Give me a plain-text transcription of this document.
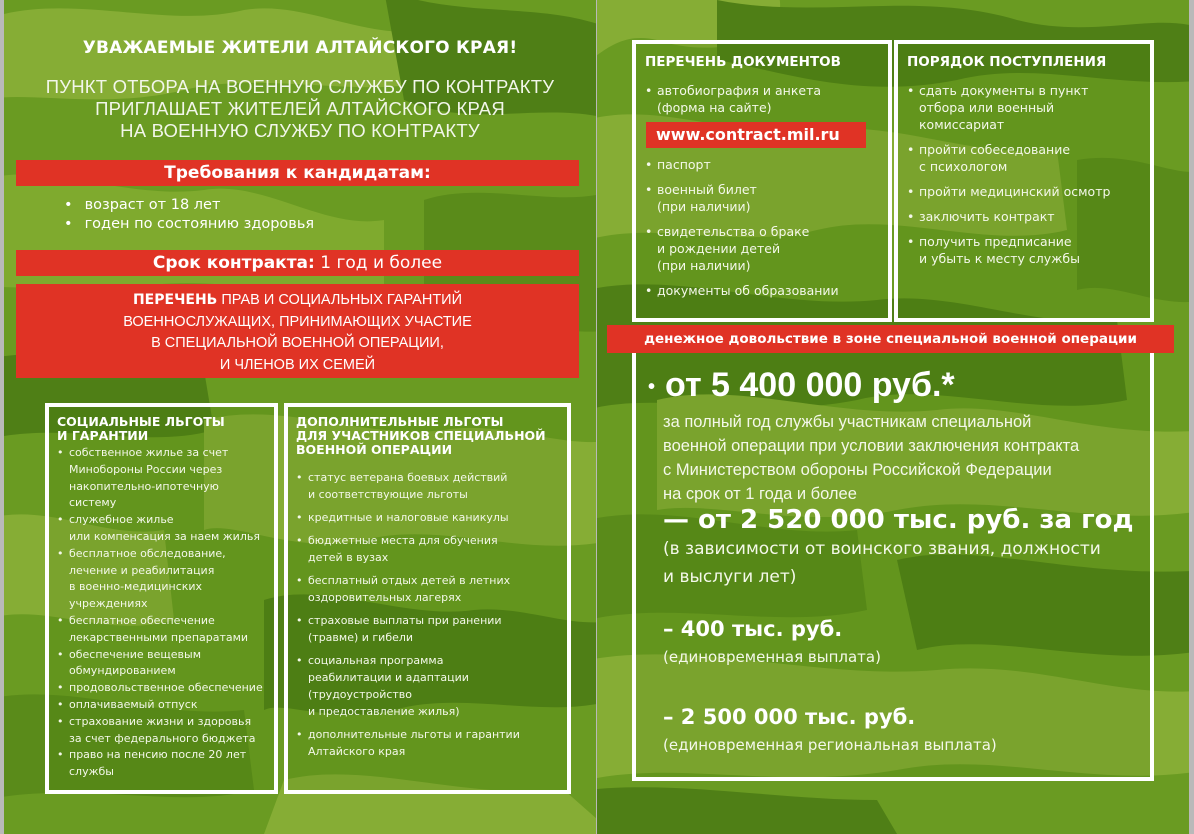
УВАЖАЕМЫЕ ЖИТЕЛИ АЛТАЙСКОГО КРАЯ!
ПУНКТ ОТБОРА НА ВОЕННУЮ СЛУЖБУ ПО КОНТРАКТУ
ПРИГЛАШАЕТ ЖИТЕЛЕЙ АЛТАЙСКОГО КРАЯ
НА ВОЕННУЮ СЛУЖБУ ПО КОНТРАКТУ
Требования к кандидатам:
• возраст от 18 лет
• годен по состоянию здоровья
Срок контракта: 1 год и более
ПЕРЕЧЕНЬ ПРАВ И СОЦИАЛЬНЫХ ГАРАНТИЙ
ВОЕННОСЛУЖАЩИХ, ПРИНИМАЮЩИХ УЧАСТИЕ
В СПЕЦИАЛЬНОЙ ВОЕННОЙ ОПЕРАЦИИ,
И ЧЛЕНОВ ИХ СЕМЕЙ
СОЦИАЛЬНЫЕ ЛЬГОТЫ
И ГАРАНТИИ
• собственное жилье за счет
Минобороны России через
накопительно-ипотечную
систему
• служебное жилье
или компенсация за наем жилья
• бесплатное обследование,
лечение и реабилитация
в военно-медицинских
учреждениях
• бесплатное обеспечение
лекарственными препаратами
• обеспечение вещевым
обмундированием
• продовольственное обеспечение
• оплачиваемый отпуск
• страхование жизни и здоровья
за счет федерального бюджета
• право на пенсию после 20 лет
службы
ДОПОЛНИТЕЛЬНЫЕ ЛЬГОТЫ
ДЛЯ УЧАСТНИКОВ СПЕЦИАЛЬНОЙ
ВОЕННОЙ ОПЕРАЦИИ
• статус ветерана боевых действий
и соответствующие льготы
• кредитные и налоговые каникулы
• бюджетные места для обучения
детей в вузах
• бесплатный отдых детей в летних
оздоровительных лагерях
• страховые выплаты при ранении
(травме) и гибели
• социальная программа
реабилитации и адаптации
(трудоустройство
и предоставление жилья)
• дополнительные льготы и гарантии
Алтайского края
ПЕРЕЧЕНЬ ДОКУМЕНТОВ
• автобиография и анкета
(форма на сайте)
www.contract.mil.ru
• паспорт
• военный билет
(при наличии)
• свидетельства о браке
и рождении детей
(при наличии)
• документы об образовании
ПОРЯДОК ПОСТУПЛЕНИЯ
• сдать документы в пункт
отбора или военный
комиссариат
• пройти собеседование
с психологом
• пройти медицинский осмотр
• заключить контракт
• получить предписание
и убыть к месту службы
• от 5 400 000 руб.*
за полный год службы участникам специальной
военной операции при условии заключения контракта
с Министерством обороны Российской Федерации
на срок от 1 года и более
— от 2 520 000 тыс. руб. за год
(в зависимости от воинского звания, должности
и выслуги лет)
– 400 тыс. руб.
(единовременная выплата)
– 2 500 000 тыс. руб.
(единовременная региональная выплата)
денежное довольствие в зоне специальной военной операции
